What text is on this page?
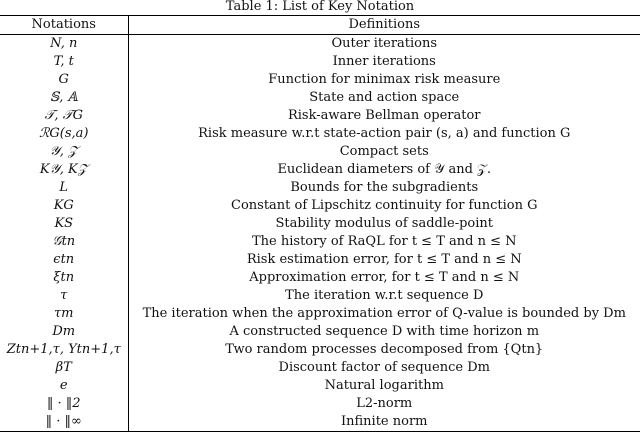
Table 1: List of Key Notation
Notations	Definitions
N, n	Outer iterations
T, t	Inner iterations
G	Function for minimax risk measure
𝕊, 𝔸	State and action space
𝒯, 𝒯G	Risk-aware Bellman operator
ℛG(s,a)	Risk measure w.r.t state-action pair (s, a) and function G
𝒴, 𝒵	Compact sets
K𝒴, K𝒵	Euclidean diameters of 𝒴 and 𝒵.
L	Bounds for the subgradients
KG	Constant of Lipschitz continuity for function G
KS	Stability modulus of saddle-point
𝒢tn	The history of RaQL for t ≤ T and n ≤ N
ϵtn	Risk estimation error, for t ≤ T and n ≤ N
ξtn	Approximation error, for t ≤ T and n ≤ N
τ	The iteration w.r.t sequence D
τm	The iteration when the approximation error of Q-value is bounded by Dm
Dm	A constructed sequence D with time horizon m
Ztn+1,τ, Ytn+1,τ	Two random processes decomposed from {Qtn}
βT	Discount factor of sequence Dm
e	Natural logarithm
‖ · ‖2	L2-norm
‖ · ‖∞	Infinite norm
